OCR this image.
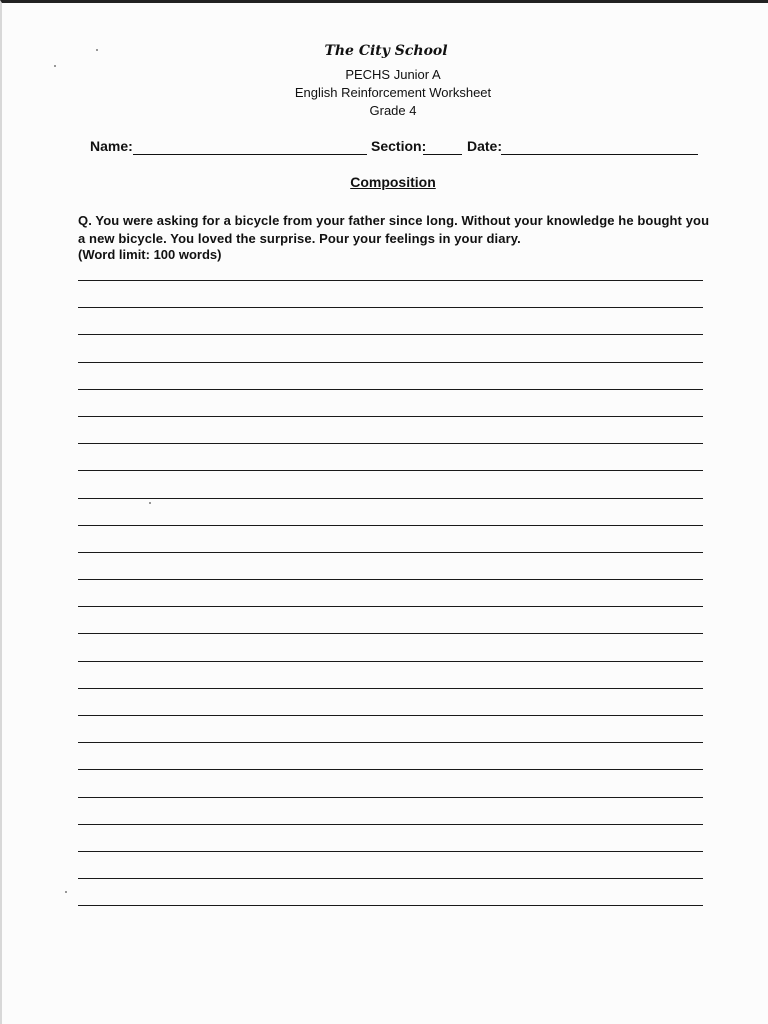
The City School
PECHS Junior A
English Reinforcement Worksheet
Grade 4
Name:	Section:	Date:
Composition
Q. You were asking for a bicycle from your father since long. Without your knowledge he bought you a new bicycle. You loved the surprise. Pour your feelings in your diary.
(Word limit: 100 words)
